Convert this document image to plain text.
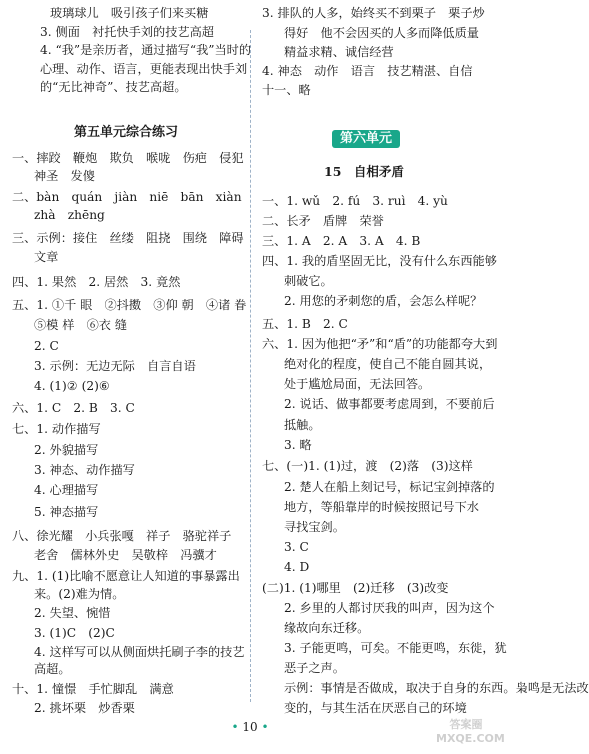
玻璃球儿　吸引孩子们来买糖
3. 侧面　衬托快手刘的技艺高超
4. “我”是亲历者，通过描写“我”当时的
心理、动作、语言，更能表现出快手刘
的“无比神奇”、技艺高超。
第五单元综合练习
一、摔跤　鞭炮　欺负　喉咙　伤疤　侵犯
神圣　发傻
二、bàn　quán　jiàn　niē　bān　xiàn
zhà　zhēng
三、示例：接住　丝缕　阻挠　围绕　障碍
文章
四、1. 果然　2. 居然　3. 竟然
五、1. ①千 眼　②抖擞　③仰 朝　④诸 眷
⑤模 样　⑥衣 缝
2. C
3. 示例：无边无际　自言自语
4. (1)② (2)⑥
六、1. C　2. B　3. C
七、1. 动作描写
2. 外貌描写
3. 神态、动作描写
4. 心理描写
5. 神态描写
八、徐光耀　小兵张嘎　祥子　骆驼祥子
老舍　儒林外史　吴敬梓　冯骥才
九、1. (1)比喻不愿意让人知道的事暴露出
来。(2)难为情。
2. 失望、惋惜
3. (1)C　(2)C
4. 这样写可以从侧面烘托刷子李的技艺
高超。
十、1. 憧憬　手忙脚乱　满意
2. 挑坏栗　炒香栗
3. 排队的人多，始终买不到栗子　栗子炒
得好　他不会因买的人多而降低质量
精益求精、诚信经营
4. 神态　动作　语言　技艺精湛、自信
十一、略
第六单元
15　自相矛盾
一、1. wǔ　2. fú　3. ruì　4. yù
二、长矛　盾牌　荣誉
三、1. A　2. A　3. A　4. B
四、1. 我的盾坚固无比，没有什么东西能够
刺破它。
2. 用您的矛刺您的盾，会怎么样呢？
五、1. B　2. C
六、1. 因为他把“矛”和“盾”的功能都夸大到
绝对化的程度，使自己不能自圆其说，
处于尴尬局面，无法回答。
2. 说话、做事都要考虑周到，不要前后
抵触。
3. 略
七、(一)1. (1)过，渡　(2)落　(3)这样
2. 楚人在船上刻记号，标记宝剑掉落的
地方，等船靠岸的时候按照记号下水
寻找宝剑。
3. C
4. D
(二)1. (1)哪里　(2)迁移　(3)改变
2. 乡里的人都讨厌我的叫声，因为这个
缘故向东迁移。
3. 子能更鸣，可矣。不能更鸣，东徙，犹
恶子之声。
示例：事情是否做成，取决于自身的东西。枭鸣是无法改
变的，与其生活在厌恶自己的环境
• 10 •	答案圈
MXQE.COM
